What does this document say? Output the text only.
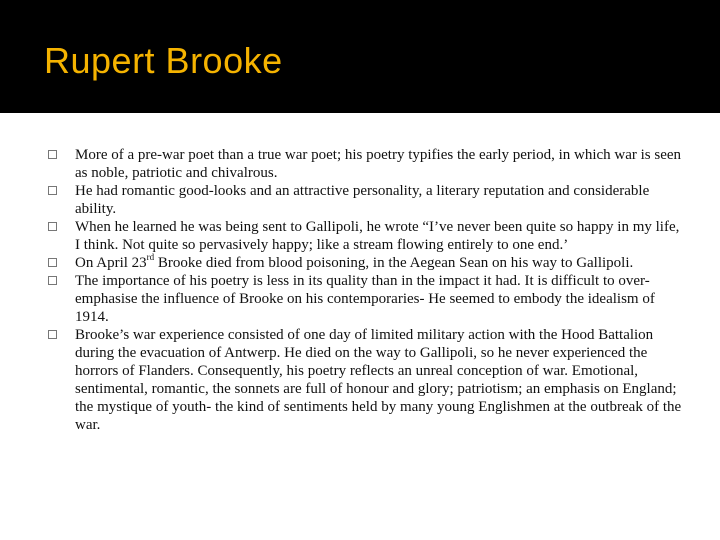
Rupert Brooke
More of a pre-war poet than a true war poet; his poetry typifies the early period, in which war is seen as noble, patriotic and chivalrous.
He had romantic good-looks and an attractive personality, a literary reputation and considerable ability.
When he learned he was being sent to Gallipoli, he wrote “I’ve never been quite so happy in my life, I think. Not quite so pervasively happy; like a stream flowing entirely to one end.’
On April 23rd Brooke died from blood poisoning, in the Aegean Sean on his way to Gallipoli.
The importance of his poetry is less in its quality than in the impact it had. It is difficult to over-emphasise the influence of Brooke on his contemporaries- He seemed to embody the idealism of 1914.
Brooke’s war experience consisted of one day of limited military action with the Hood Battalion during the evacuation of Antwerp. He died on the way to Gallipoli, so he never experienced the horrors of Flanders. Consequently, his poetry reflects an unreal conception of war. Emotional, sentimental, romantic, the sonnets are full of honour and glory; patriotism; an emphasis on England; the mystique of youth- the kind of sentiments held by many young Englishmen at the outbreak of the war.
